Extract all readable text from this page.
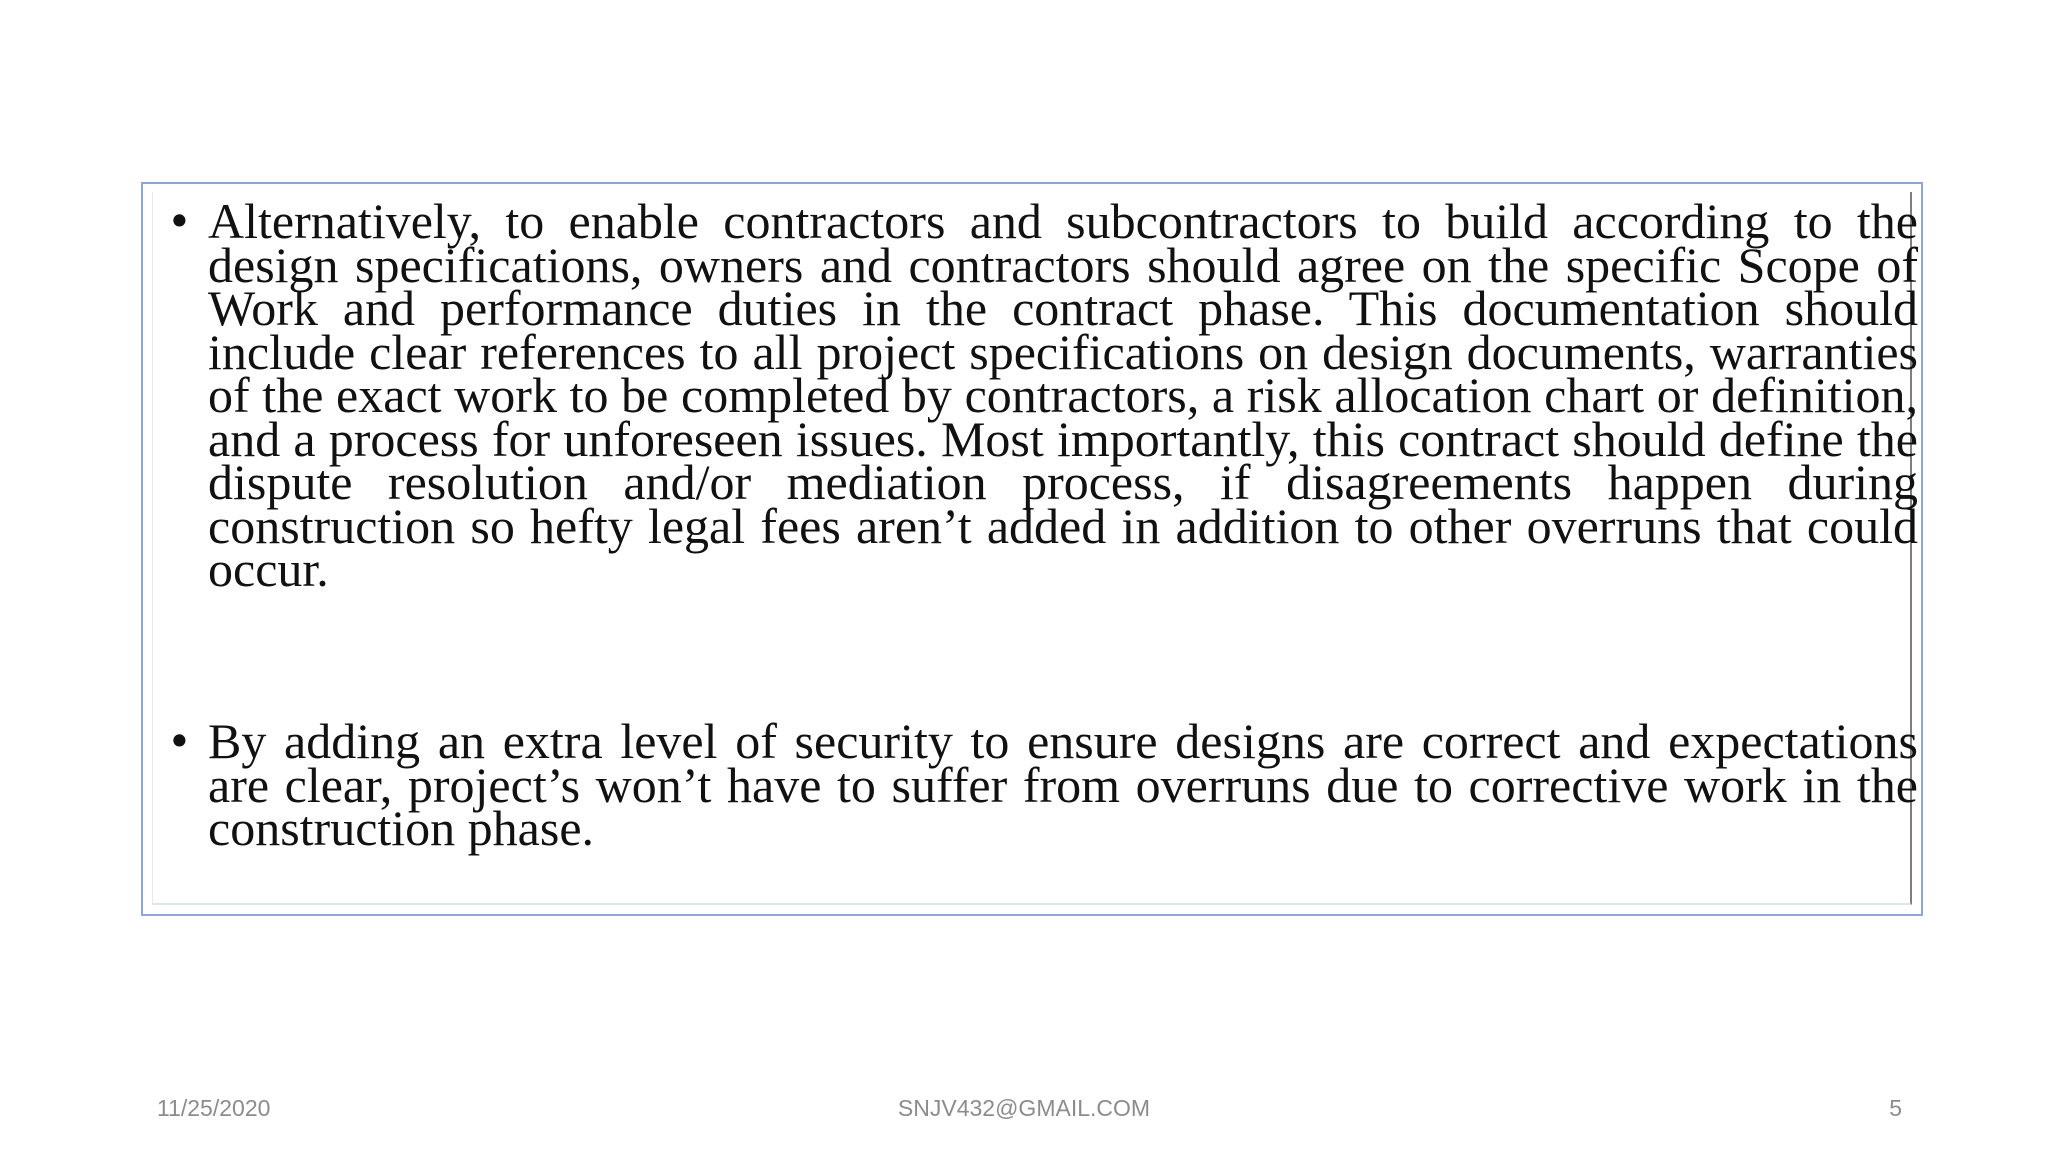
• Alternatively, to enable contractors and subcontractors to build according to the design specifications, owners and contractors should agree on the specific Scope of Work and performance duties in the contract phase. This documentation should include clear references to all project specifications on design documents, warranties of the exact work to be completed by contractors, a risk allocation chart or definition, and a process for unforeseen issues. Most importantly, this contract should define the dispute resolution and/or mediation process, if disagreements happen during construction so hefty legal fees aren’t added in addition to other overruns that could occur.

• By adding an extra level of security to ensure designs are correct and expectations are clear, project’s won’t have to suffer from overruns due to corrective work in the construction phase.

11/25/2020	SNJV432@GMAIL.COM	5
